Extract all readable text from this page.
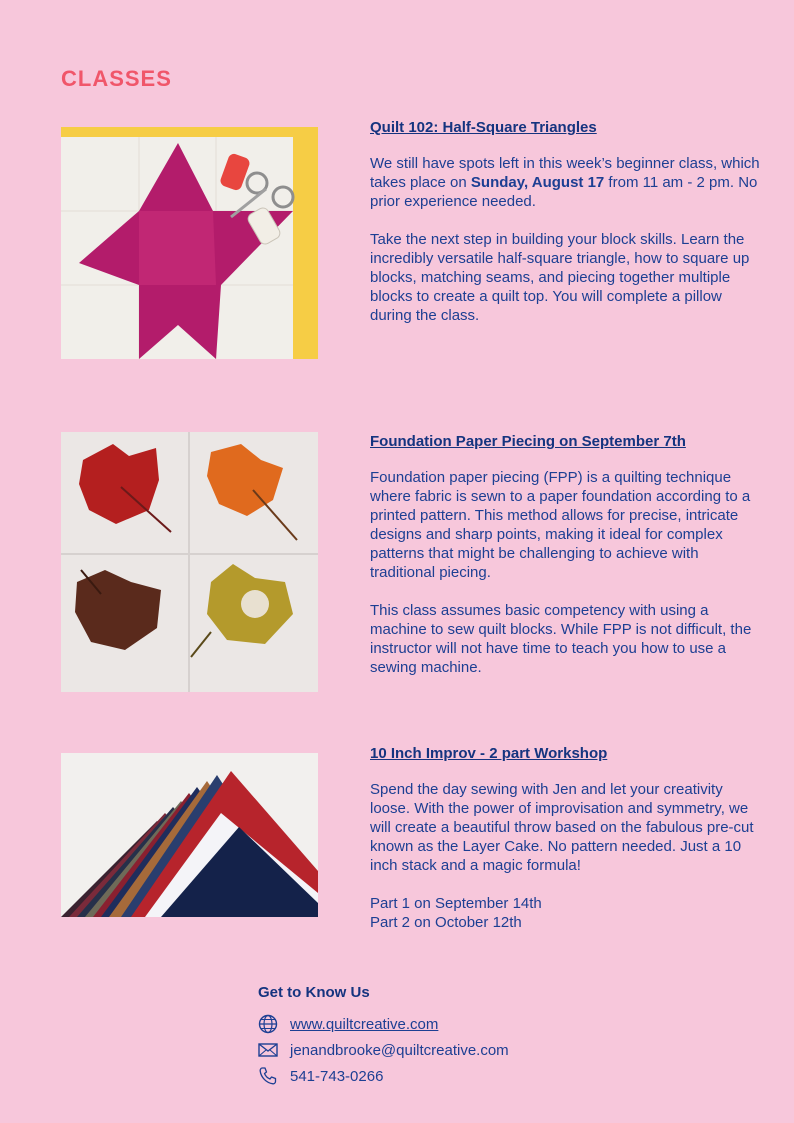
CLASSES
Quilt 102: Half-Square Triangles

We still have spots left in this week’s beginner class, which takes place on Sunday, August 17 from 11 am - 2 pm. No prior experience needed.

Take the next step in building your block skills. Learn the incredibly versatile half-square triangle, how to square up blocks, matching seams, and piecing together multiple blocks to create a quilt top. You will complete a pillow during the class.

Foundation Paper Piecing on September 7th

Foundation paper piecing (FPP) is a quilting technique where fabric is sewn to a paper foundation according to a printed pattern. This method allows for precise, intricate designs and sharp points, making it ideal for complex patterns that might be challenging to achieve with traditional piecing.

This class assumes basic competency with using a machine to sew quilt blocks. While FPP is not difficult, the instructor will not have time to teach you how to use a sewing machine.

10 Inch Improv - 2 part Workshop

Spend the day sewing with Jen and let your creativity loose. With the power of improvisation and symmetry, we will create a beautiful throw based on the fabulous pre-cut known as the Layer Cake. No pattern needed. Just a 10 inch stack and a magic formula!

Part 1 on September 14th
Part 2 on October 12th

Get to Know Us
www.quiltcreative.com
jenandbrooke@quiltcreative.com
541-743-0266
